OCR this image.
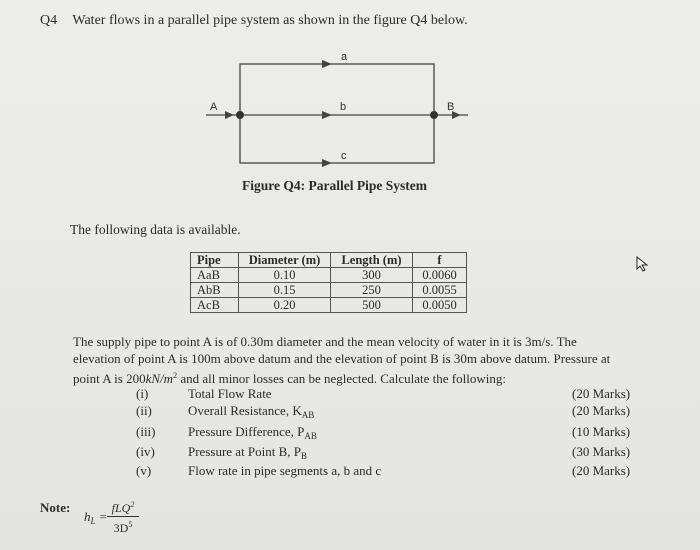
Q4 Water flows in a parallel pipe system as shown in the figure Q4 below.
a
b
c
A	B
Figure Q4: Parallel Pipe System
The following data is available.
Pipe	Diameter (m)	Length (m)	f
AaB	0.10	300	0.0060
AbB	0.15	250	0.0055
AcB	0.20	500	0.0050
The supply pipe to point A is of 0.30m diameter and the mean velocity of water in it is 3m/s. The
elevation of point A is 100m above datum and the elevation of point B is 30m above datum. Pressure at
point A is $200kN/m^2$ and all minor losses can be neglected. Calculate the following:
(i)	Total Flow Rate	(20 Marks)
(ii)	Overall Resistance, $K_{AB}$	(20 Marks)
(iii)	Pressure Difference, $P_{AB}$	(10 Marks)
(iv)	Pressure at Point B, $P_B$	(30 Marks)
(v)	Flow rate in pipe segments a, b and c	(20 Marks)
Note:
$h_L$ =
fLQ$^2$
$3D^5$
